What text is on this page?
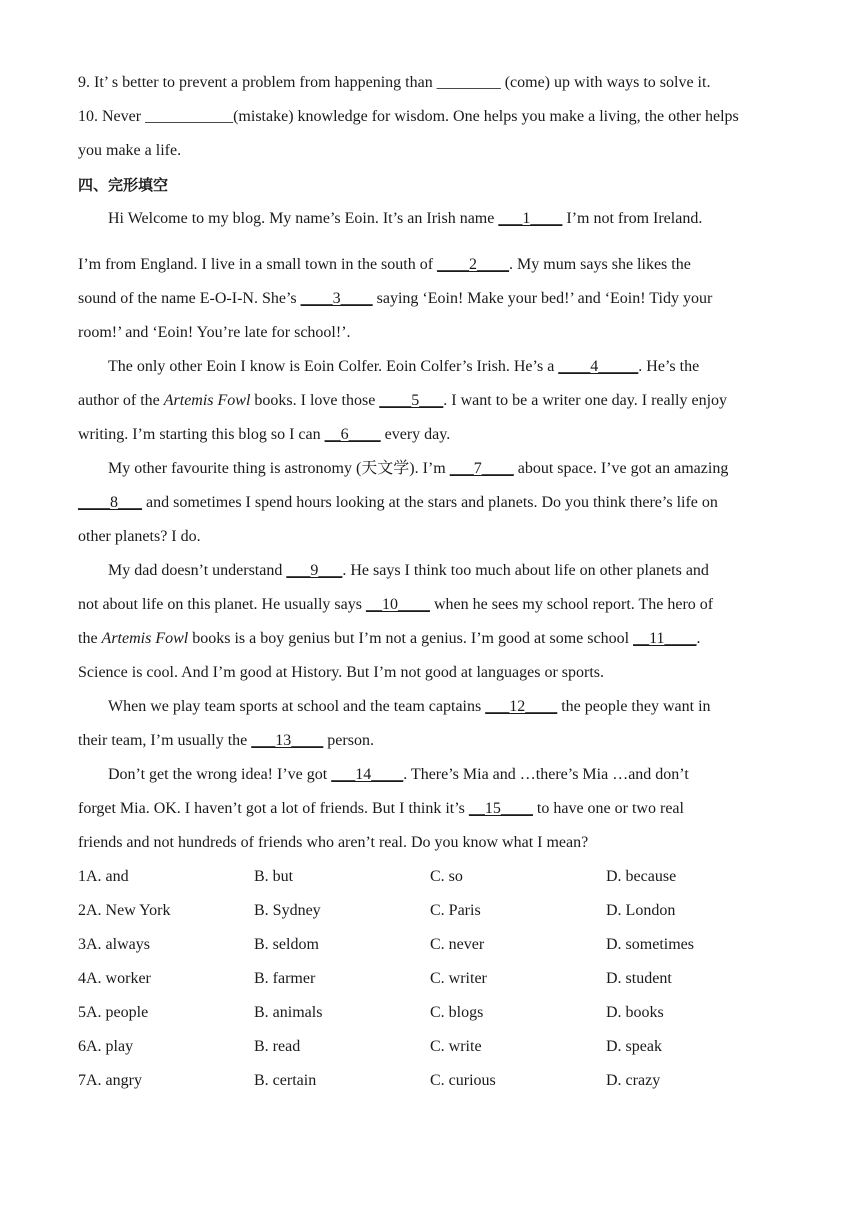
9. It’ s better to prevent a problem from happening than ________ (come) up with ways to solve it.
10. Never ___________(mistake) knowledge for wisdom. One helps you make a living, the other helps
you make a life.
四、完形填空
Hi Welcome to my blog. My name’s Eoin. It’s an Irish name ___1____ I’m not from Ireland.
I’m from England. I live in a small town in the south of ____2____. My mum says she likes the
sound of the name E-O-I-N. She’s ____3____ saying ‘Eoin! Make your bed!’ and ‘Eoin! Tidy your
room!’ and ‘Eoin! You’re late for school!’.
The only other Eoin I know is Eoin Colfer. Eoin Colfer’s Irish. He’s a ____4_____. He’s the
author of the Artemis Fowl books. I love those ____5___. I want to be a writer one day. I really enjoy
writing. I’m starting this blog so I can __6____ every day.
My other favourite thing is astronomy (天文学). I’m ___7____ about space. I’ve got an amazing
____8___ and sometimes I spend hours looking at the stars and planets. Do you think there’s life on
other planets? I do.
My dad doesn’t understand ___9___. He says I think too much about life on other planets and
not about life on this planet. He usually says __10____ when he sees my school report. The hero of
the Artemis Fowl books is a boy genius but I’m not a genius. I’m good at some school __11____.
Science is cool. And I’m good at History. But I’m not good at languages or sports.
When we play team sports at school and the team captains ___12____ the people they want in
their team, I’m usually the ___13____ person.
Don’t get the wrong idea! I’ve got ___14____. There’s Mia and …there’s Mia …and don’t
forget Mia. OK. I haven’t got a lot of friends. But I think it’s __15____ to have one or two real
friends and not hundreds of friends who aren’t real. Do you know what I mean?
1A. and	B. but	C. so	D. because
2A. New York	B. Sydney	C. Paris	D. London
3A. always	B. seldom	C. never	D. sometimes
4A. worker	B. farmer	C. writer	D. student
5A. people	B. animals	C. blogs	D. books
6A. play	B. read	C. write	D. speak
7A. angry	B. certain	C. curious	D. crazy
